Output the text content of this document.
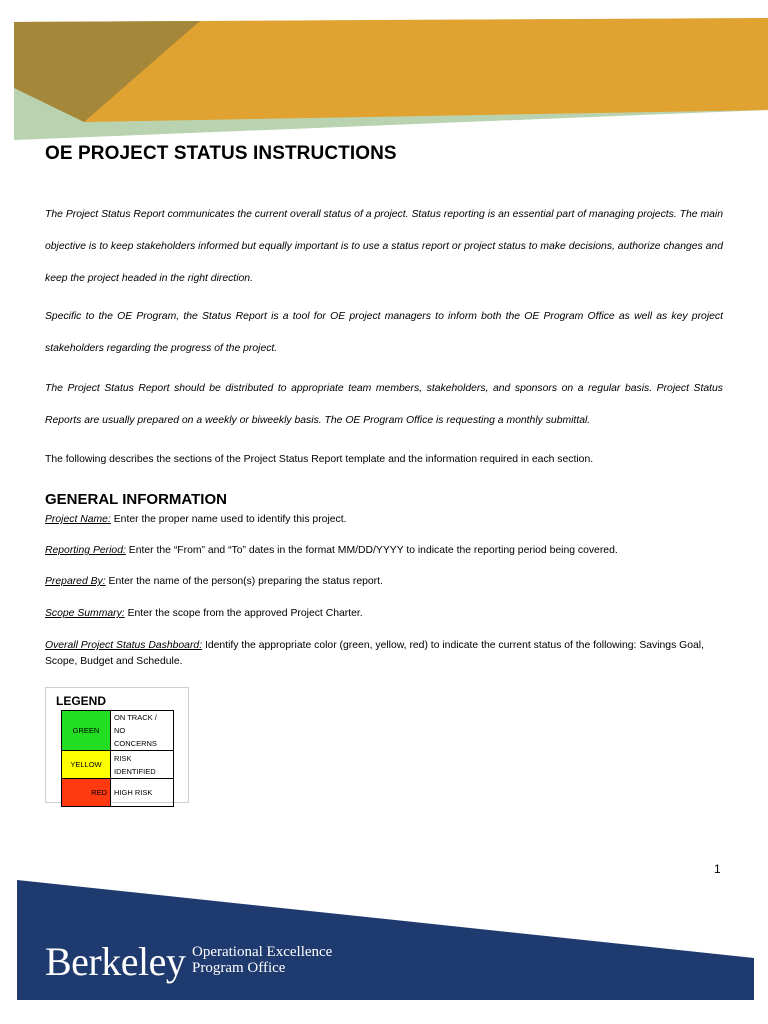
OE PROJECT STATUS INSTRUCTIONS

The Project Status Report communicates the current overall status of a project. Status reporting is an essential part of managing projects. The main objective is to keep stakeholders informed but equally important is to use a status report or project status to make decisions, authorize changes and keep the project headed in the right direction.

Specific to the OE Program, the Status Report is a tool for OE project managers to inform both the OE Program Office as well as key project stakeholders regarding the progress of the project.

The Project Status Report should be distributed to appropriate team members, stakeholders, and sponsors on a regular basis. Project Status Reports are usually prepared on a weekly or biweekly basis. The OE Program Office is requesting a monthly submittal.

The following describes the sections of the Project Status Report template and the information required in each section.

GENERAL INFORMATION

Project Name: Enter the proper name used to identify this project.

Reporting Period: Enter the “From” and “To” dates in the format MM/DD/YYYY to indicate the reporting period being covered.

Prepared By: Enter the name of the person(s) preparing the status report.

Scope Summary: Enter the scope from the approved Project Charter.

Overall Project Status Dashboard: Identify the appropriate color (green, yellow, red) to indicate the current status of the following: Savings Goal, Scope, Budget and Schedule.

LEGEND
GREEN	ON TRACK / NO CONCERNS
YELLOW	RISK IDENTIFIED
RED	HIGH RISK
1
Berkeley Operational Excellence
Program Office
